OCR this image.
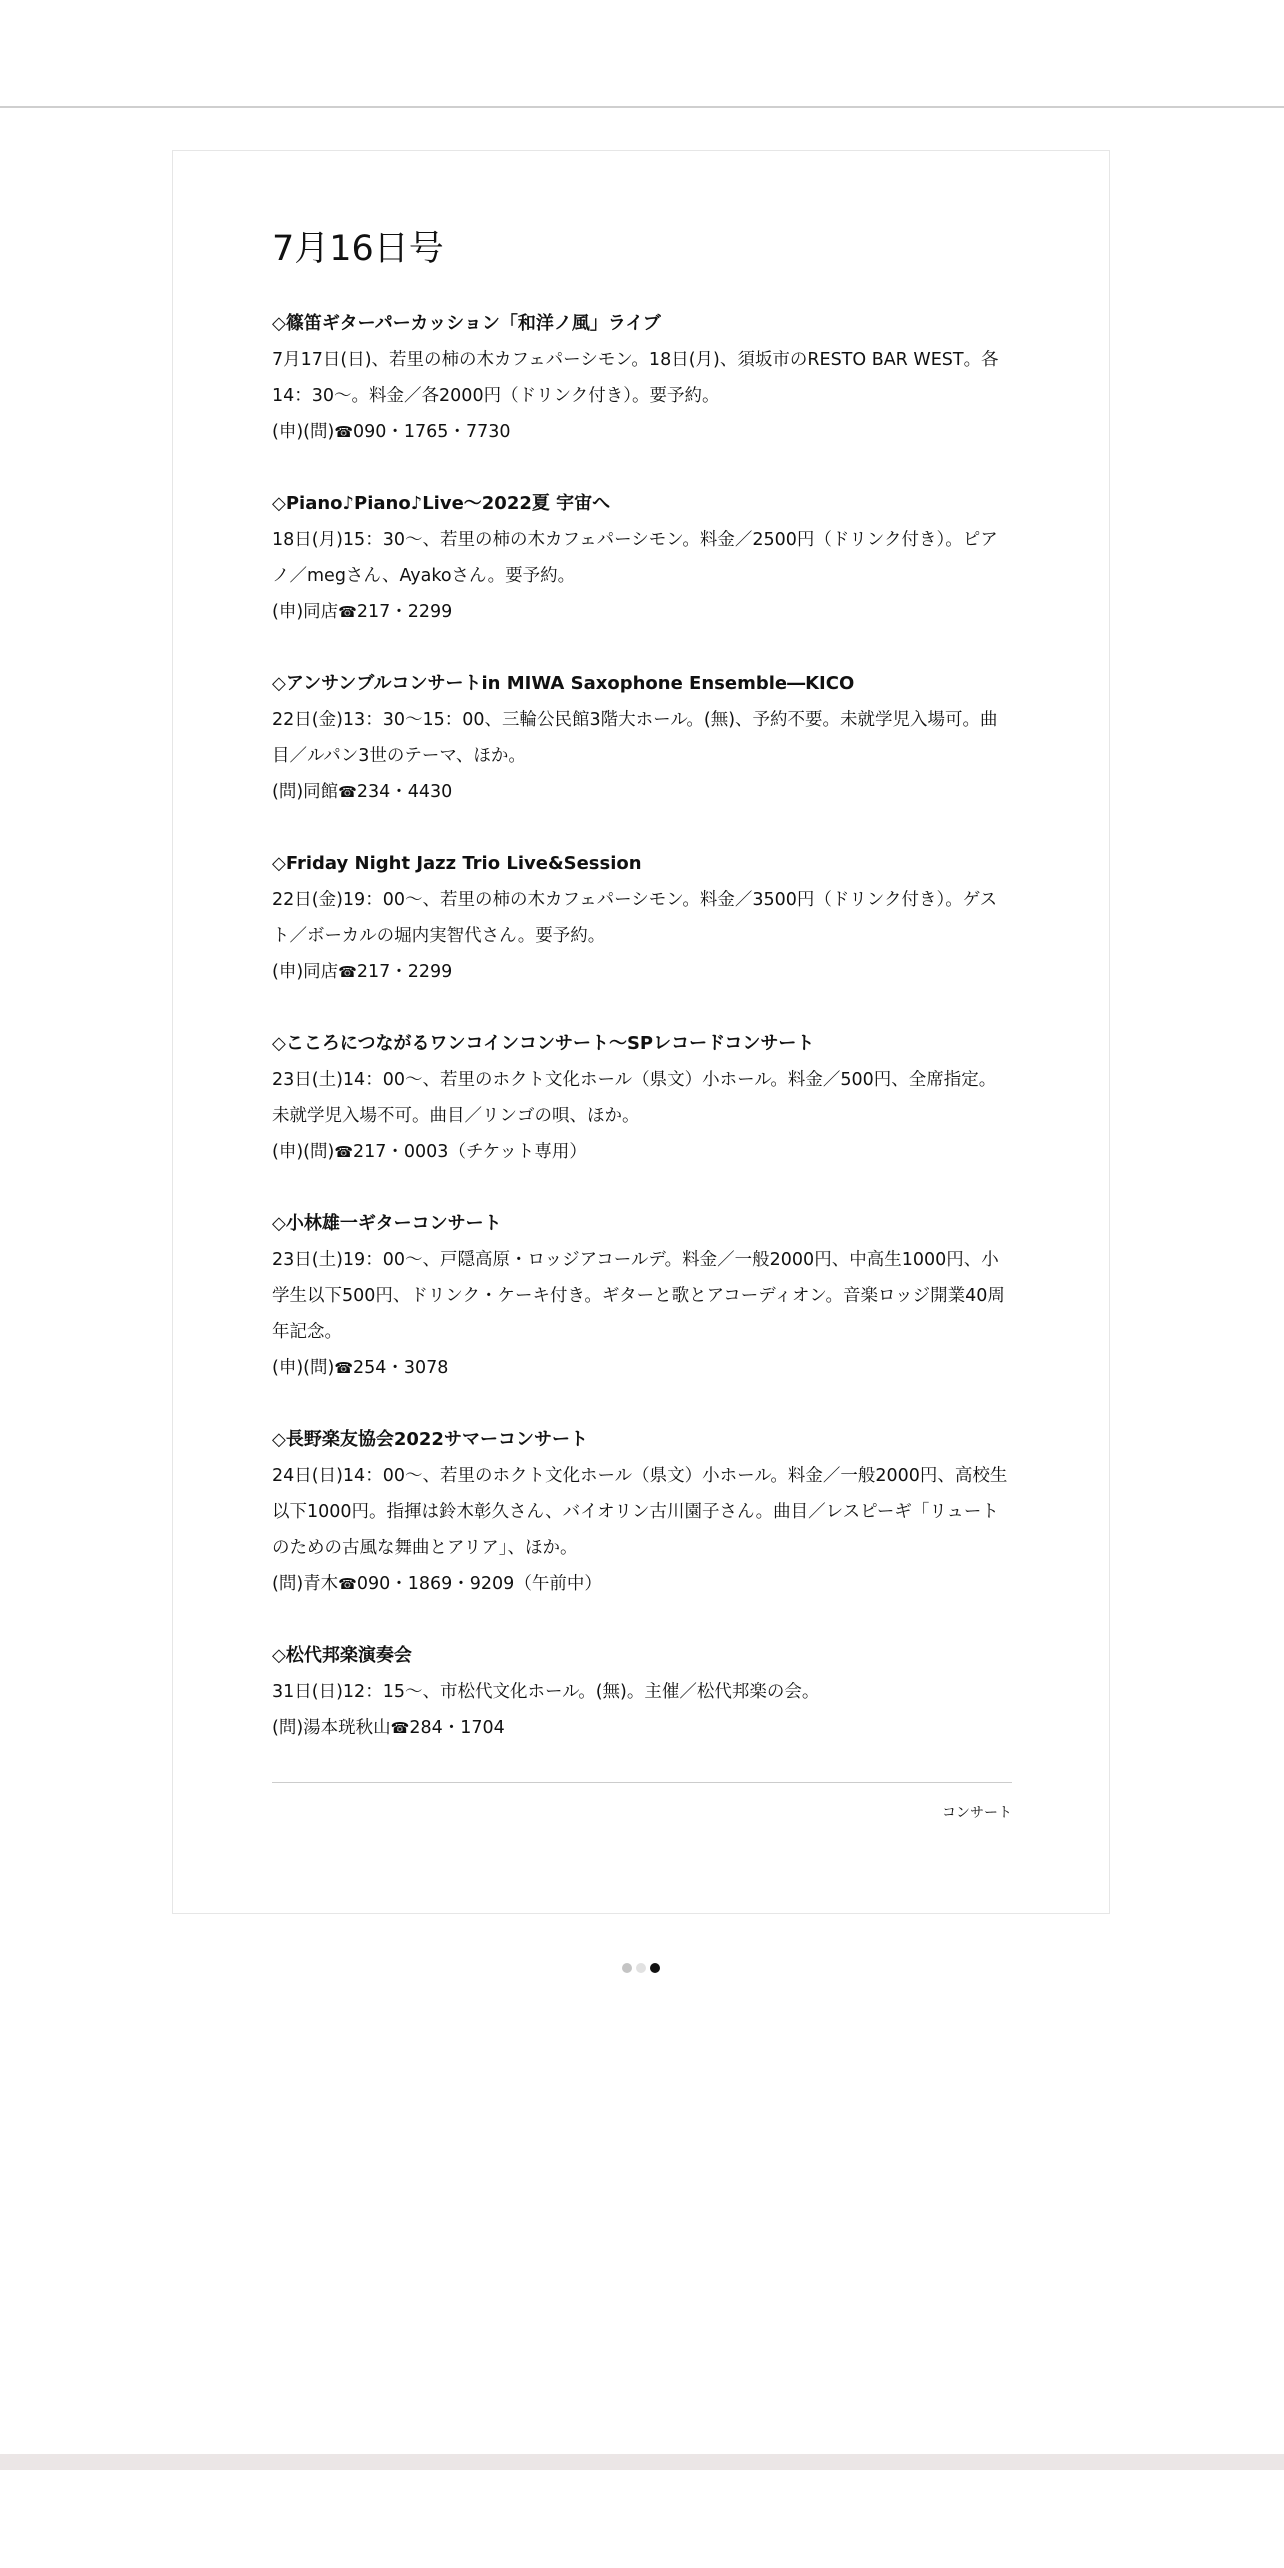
7月16日号

◇篠笛ギターパーカッション「和洋ノ風」ライブ

7月17日(日)、若里の柿の木カフェパーシモン。18日(月)、須坂市のRESTO BAR WEST。各14：30〜。料金／各2000円（ドリンク付き）。要予約。

(申)(問)☎090・1765・7730

◇Piano♪Piano♪Live〜2022夏 宇宙へ

18日(月)15：30〜、若里の柿の木カフェパーシモン。料金／2500円（ドリンク付き）。ピアノ／megさん、Ayakoさん。要予約。

(申)同店☎217・2299

◇アンサンブルコンサートin MIWA Saxophone Ensemble―KICO

22日(金)13：30〜15：00、三輪公民館3階大ホール。(無)、予約不要。未就学児入場可。曲目／ルパン3世のテーマ、ほか。

(問)同館☎234・4430

◇Friday Night Jazz Trio Live&Session

22日(金)19：00〜、若里の柿の木カフェパーシモン。料金／3500円（ドリンク付き）。ゲスト／ボーカルの堀内実智代さん。要予約。

(申)同店☎217・2299

◇こころにつながるワンコインコンサート〜SPレコードコンサート

23日(土)14：00〜、若里のホクト文化ホール（県文）小ホール。料金／500円、全席指定。未就学児入場不可。曲目／リンゴの唄、ほか。

(申)(問)☎217・0003（チケット専用）

◇小林雄一ギターコンサート

23日(土)19：00〜、戸隠高原・ロッジアコールデ。料金／一般2000円、中高生1000円、小学生以下500円、ドリンク・ケーキ付き。ギターと歌とアコーディオン。音楽ロッジ開業40周年記念。

(申)(問)☎254・3078

◇長野楽友協会2022サマーコンサート

24日(日)14：00〜、若里のホクト文化ホール（県文）小ホール。料金／一般2000円、高校生以下1000円。指揮は鈴木彰久さん、バイオリン古川園子さん。曲目／レスピーギ「リュートのための古風な舞曲とアリア」、ほか。

(問)青木☎090・1869・9209（午前中）

◇松代邦楽演奏会

31日(日)12：15〜、市松代文化ホール。(無)。主催／松代邦楽の会。

(問)湯本珖秋山☎284・1704

コンサート
